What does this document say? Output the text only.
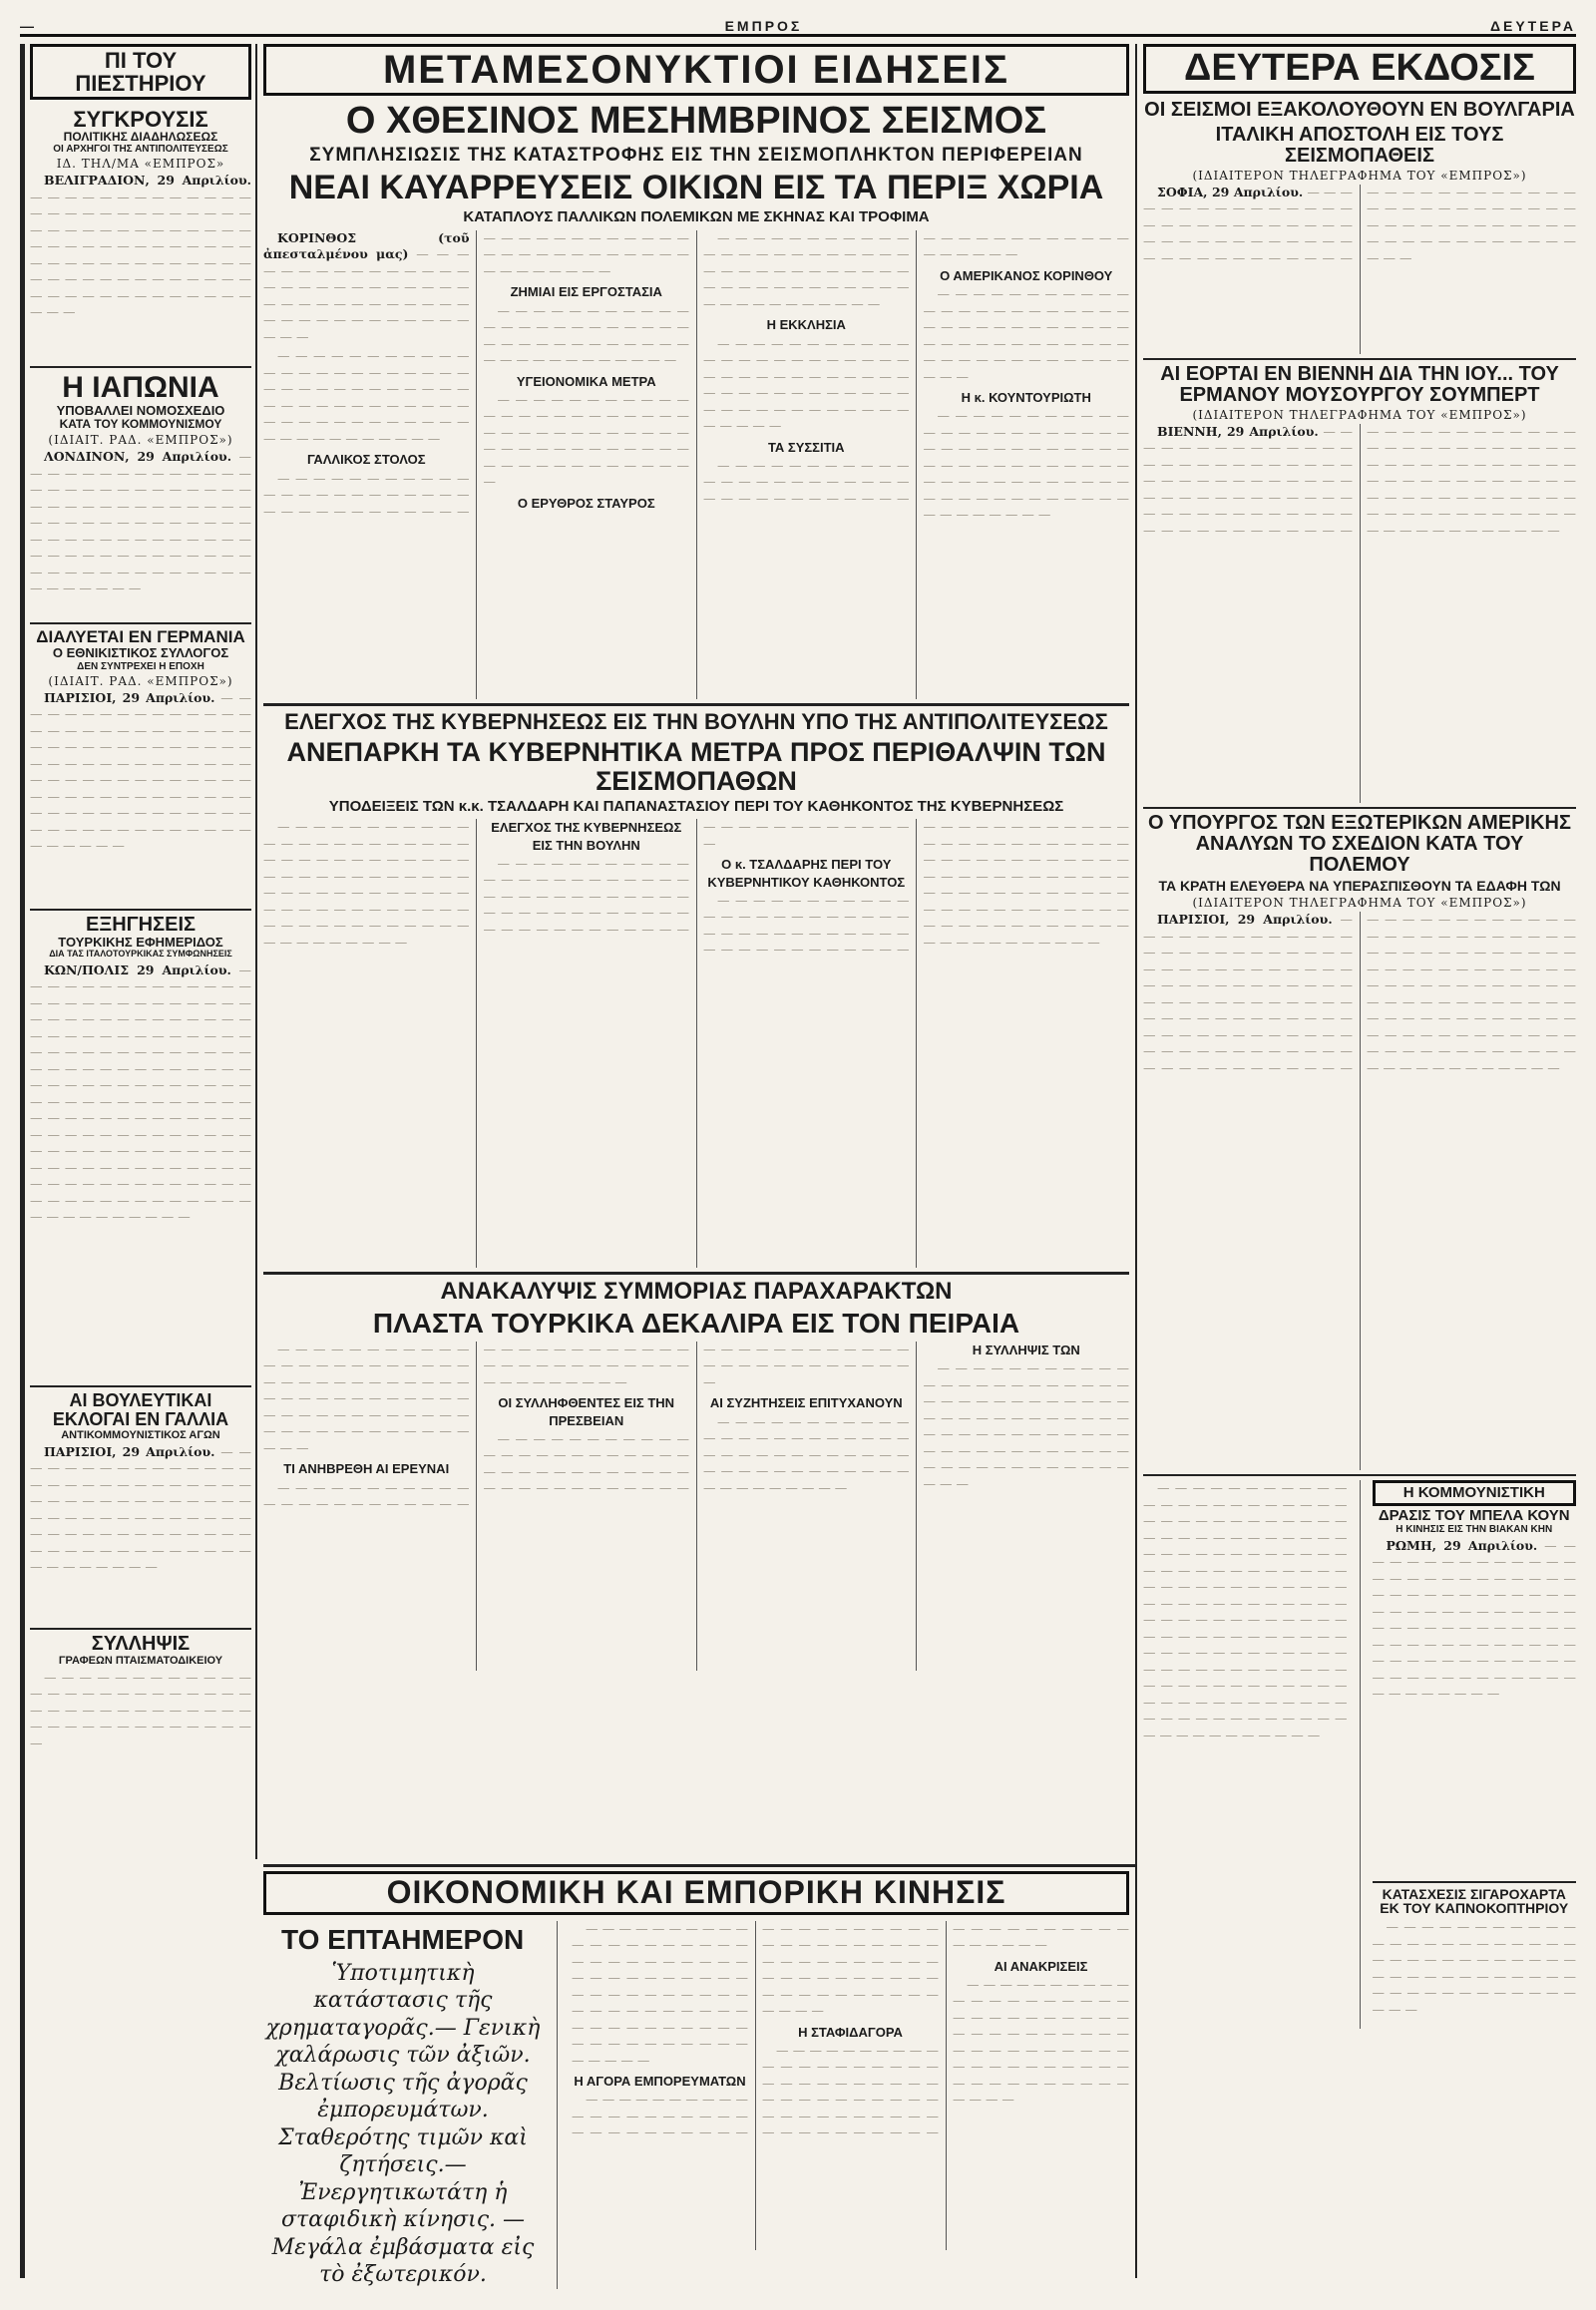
—	ΕΜΠΡΟΣ	ΔΕΥΤΕΡΑ
ΠΙ ΤΟΥ ΠΙΕΣΤΗΡΙΟΥ
ΣΥΓΚΡΟΥΣΙΣ
ΠΟΛΙΤΙΚΗΣ ΔΙΑΔΗΛΩΣΕΩΣ
ΟΙ ΑΡΧΗΓΟΙ ΤΗΣ ΑΝΤΙΠΟΛΙΤΕΥΣΕΩΣ
ΙΔ. ΤΗΛ/ΜΑ «ΕΜΠΡΟΣ»

ΒΕΛΙΓΡΑΔΙΟΝ, 29 Απριλίου. — — — — — — — — — — — — — — — — — — — — — — — — — — — — — — — — — — — — — — — — — — — — — — — — — — — — — — — — — — — — — — — — — — — — — — — — — — — — — — — — — — — — — — — — — — — — — —

Η ΙΑΠΩΝΙΑ
ΥΠΟΒΑΛΛΕΙ ΝΟΜΟΣΧΕΔΙΟ
ΚΑΤΑ ΤΟΥ ΚΟΜΜΟΥΝΙΣΜΟΥ
(ΙΔΙΑΙΤ. ΡΑΔ. «ΕΜΠΡΟΣ»)

ΛΟΝΔΙΝΟΝ, 29 Απριλίου. — — — — — — — — — — — — — — — — — — — — — — — — — — — — — — — — — — — — — — — — — — — — — — — — — — — — — — — — — — — — — — — — — — — — — — — — — — — — — — — — — — — — — — — — — — — — — — — — — — —

ΔΙΑΛΥΕΤΑΙ ΕΝ ΓΕΡΜΑΝΙΑ
Ο ΕΘΝΙΚΙΣΤΙΚΟΣ ΣΥΛΛΟΓΟΣ
ΔΕΝ ΣΥΝΤΡΕΧΕΙ Η ΕΠΟΧΗ
(ΙΔΙΑΙΤ. ΡΑΔ. «ΕΜΠΡΟΣ»)

ΠΑΡΙΣΙΟΙ, 29 Απριλίου. — — — — — — — — — — — — — — — — — — — — — — — — — — — — — — — — — — — — — — — — — — — — — — — — — — — — — — — — — — — — — — — — — — — — — — — — — — — — — — — — — — — — — — — — — — — — — — — — — — — — — — — — — — — — — — — —

ΕΞΗΓΗΣΕΙΣ
ΤΟΥΡΚΙΚΗΣ ΕΦΗΜΕΡΙΔΟΣ
ΔΙΑ ΤΑΣ ΙΤΑΛΟΤΟΥΡΚΙΚΑΣ ΣΥΜΦΩΝΗΣΕΙΣ

ΚΩΝ/ΠΟΛΙΣ 29 Απριλίου. — — — — — — — — — — — — — — — — — — — — — — — — — — — — — — — — — — — — — — — — — — — — — — — — — — — — — — — — — — — — — — — — — — — — — — — — — — — — — — — — — — — — — — — — — — — — — — — — — — — — — — — — — — — — — — — — — — — — — — — — — — — — — — — — — — — — — — — — — — — — — — — — — — — — — — — — — — — — — — — — — — — — — — — — — — — — — — — — — — — — — — — — — — — — — — — — —

ΑΙ ΒΟΥΛΕΥΤΙΚΑΙ
ΕΚΛΟΓΑΙ ΕΝ ΓΑΛΛΙΑ
ΑΝΤΙΚΟΜΜΟΥΝΙΣΤΙΚΟΣ ΑΓΩΝ

ΠΑΡΙΣΙΟΙ, 29 Απριλίου. — — — — — — — — — — — — — — — — — — — — — — — — — — — — — — — — — — — — — — — — — — — — — — — — — — — — — — — — — — — — — — — — — — — — — — — — — — — — — — — — — — — — — — — —

ΣΥΛΛΗΨΙΣ
ΓΡΑΦΕΩΝ ΠΤΑΙΣΜΑΤΟΔΙΚΕΙΟΥ

— — — — — — — — — — — — — — — — — — — — — — — — — — — — — — — — — — — — — — — — — — — — — — — — — — — —

ΜΕΤΑΜΕΣΟΝΥΚΤΙΟΙ ΕΙΔΗΣΕΙΣ
Ο ΧΘΕΣΙΝΟΣ ΜΕΣΗΜΒΡΙΝΟΣ ΣΕΙΣΜΟΣ
ΣΥΜΠΛΗΣΙΩΣΙΣ ΤΗΣ ΚΑΤΑΣΤΡΟΦΗΣ ΕΙΣ ΤΗΝ ΣΕΙΣΜΟΠΛΗΚΤΟΝ ΠΕΡΙΦΕΡΕΙΑΝ
ΝΕΑΙ ΚΑΥΑΡΡΕΥΣΕΙΣ ΟΙΚΙΩΝ ΕΙΣ ΤΑ ΠΕΡΙΞ ΧΩΡΙΑ
ΚΑΤΑΠΛΟΥΣ ΠΑΛΛΙΚΩΝ ΠΟΛΕΜΙΚΩΝ ΜΕ ΣΚΗΝΑΣ ΚΑΙ ΤΡΟΦΙΜΑ

ΚΟΡΙΝΘΟΣ (τοῦ ἀπεσταλμένου μας) — — — — — — — — — — — — — — — — — — — — — — — — — — — — — — — — — — — — — — — — — — — — — — — — — — — — — —

— — — — — — — — — — — — — — — — — — — — — — — — — — — — — — — — — — — — — — — — — — — — — — — — — — — — — — — — — — — — — — — — — — — — — —

ΓΑΛΛΙΚΟΣ ΣΤΟΛΟΣ

— — — — — — — — — — — — — — — — — — — — — — — — — — — — — — — — — — — — — — — — — — — — — — — — — — — — — — — — — — — — — — — — — — —

ΖΗΜΙΑΙ ΕΙΣ ΕΡΓΟΣΤΑΣΙΑ

— — — — — — — — — — — — — — — — — — — — — — — — — — — — — — — — — — — — — — — — — — — — — — —

ΥΓΕΙΟΝΟΜΙΚΑ ΜΕΤΡΑ

— — — — — — — — — — — — — — — — — — — — — — — — — — — — — — — — — — — — — — — — — — — — — — — — — — — — — — — — — — — —

Ο ΕΡΥΘΡΟΣ ΣΤΑΥΡΟΣ

— — — — — — — — — — — — — — — — — — — — — — — — — — — — — — — — — — — — — — — — — — — — — — — — — — — — — — — — — —

Η ΕΚΚΛΗΣΙΑ

— — — — — — — — — — — — — — — — — — — — — — — — — — — — — — — — — — — — — — — — — — — — — — — — — — — — — — — — — — — — — — — —

ΤΑ ΣΥΣΣΙΤΙΑ

— — — — — — — — — — — — — — — — — — — — — — — — — — — — — — — — — — — — — — — — — — — — — — — — — — — — —

Ο ΑΜΕΡΙΚΑΝΟΣ ΚΟΡΙΝΘΟΥ

— — — — — — — — — — — — — — — — — — — — — — — — — — — — — — — — — — — — — — — — — — — — — — — — — — — — — — — — — — — — — —

Η κ. ΚΟΥΝΤΟΥΡΙΩΤΗ

— — — — — — — — — — — — — — — — — — — — — — — — — — — — — — — — — — — — — — — — — — — — — — — — — — — — — — — — — — — — — — — — — — — — — — — — — — — — — — —

ΕΛΕΓΧΟΣ ΤΗΣ ΚΥΒΕΡΝΗΣΕΩΣ ΕΙΣ ΤΗΝ ΒΟΥΛΗΝ ΥΠΟ ΤΗΣ ΑΝΤΙΠΟΛΙΤΕΥΣΕΩΣ
ΑΝΕΠΑΡΚΗ ΤΑ ΚΥΒΕΡΝΗΤΙΚΑ ΜΕΤΡΑ ΠΡΟΣ ΠΕΡΙΘΑΛΨΙΝ ΤΩΝ ΣΕΙΣΜΟΠΑΘΩΝ
ΥΠΟΔΕΙΞΕΙΣ ΤΩΝ κ.κ. ΤΣΑΛΔΑΡΗ ΚΑΙ ΠΑΠΑΝΑΣΤΑΣΙΟΥ ΠΕΡΙ ΤΟΥ ΚΑΘΗΚΟΝΤΟΣ ΤΗΣ ΚΥΒΕΡΝΗΣΕΩΣ

— — — — — — — — — — — — — — — — — — — — — — — — — — — — — — — — — — — — — — — — — — — — — — — — — — — — — — — — — — — — — — — — — — — — — — — — — — — — — — — — — — — — — — — — — — — —

ΕΛΕΓΧΟΣ ΤΗΣ ΚΥΒΕΡΝΗΣΕΩΣ ΕΙΣ ΤΗΝ ΒΟΥΛΗΝ

— — — — — — — — — — — — — — — — — — — — — — — — — — — — — — — — — — — — — — — — — — — — — — — — — — — — — — — — — — — — — — — — — — — — — — — —

Ο κ. ΤΣΑΛΔΑΡΗΣ ΠΕΡΙ ΤΟΥ ΚΥΒΕΡΝΗΤΙΚΟΥ ΚΑΘΗΚΟΝΤΟΣ

— — — — — — — — — — — — — — — — — — — — — — — — — — — — — — — — — — — — — — — — — — — — — — — — — — — — — — — — — — — — — — — — — — — — — — — — — — — — — — — — — — — — — — — — — — — — — — — — — — — — — — — — — — — — — — — — — — — — — — — — — — — — — — — — — — — — — — — — — — — — — —

ΑΝΑΚΑΛΥΨΙΣ ΣΥΜΜΟΡΙΑΣ ΠΑΡΑΧΑΡΑΚΤΩΝ
ΠΛΑΣΤΑ ΤΟΥΡΚΙΚΑ ΔΕΚΑΛΙΡΑ ΕΙΣ ΤΟΝ ΠΕΙΡΑΙΑ

— — — — — — — — — — — — — — — — — — — — — — — — — — — — — — — — — — — — — — — — — — — — — — — — — — — — — — — — — — — — — — — — — — — — — — — — — —

ΤΙ ΑΝΗΒΡΕΘΗ ΑΙ ΕΡΕΥΝΑΙ

— — — — — — — — — — — — — — — — — — — — — — — — — — — — — — — — — — — — — — — — — — — — — — — — — — — — — — — —

ΟΙ ΣΥΛΛΗΦΘΕΝΤΕΣ ΕΙΣ ΤΗΝ ΠΡΕΣΒΕΙΑΝ

— — — — — — — — — — — — — — — — — — — — — — — — — — — — — — — — — — — — — — — — — — — — — — — — — — — — — — — — — — — — — — — — — — — — — — — —

ΑΙ ΣΥΖΗΤΗΣΕΙΣ ΕΠΙΤΥΧΑΝΟΥΝ

— — — — — — — — — — — — — — — — — — — — — — — — — — — — — — — — — — — — — — — — — — — — — — — — — — — — — — — —

Η ΣΥΛΛΗΨΙΣ ΤΩΝ

— — — — — — — — — — — — — — — — — — — — — — — — — — — — — — — — — — — — — — — — — — — — — — — — — — — — — — — — — — — — — — — — — — — — — — — — — — — — — — — — — — — — — —

ΔΕΥΤΕΡΑ ΕΚΔΟΣΙΣ
ΟΙ ΣΕΙΣΜΟΙ ΕΞΑΚΟΛΟΥΘΟΥΝ ΕΝ ΒΟΥΛΓΑΡΙΑ
ΙΤΑΛΙΚΗ ΑΠΟΣΤΟΛΗ ΕΙΣ ΤΟΥΣ ΣΕΙΣΜΟΠΑΘΕΙΣ
(ΙΔΙΑΙΤΕΡΟΝ ΤΗΛΕΓΡΑΦΗΜΑ ΤΟΥ «ΕΜΠΡΟΣ»)

ΣΟΦΙΑ, 29 Απριλίου. — — — — — — — — — — — — — — — — — — — — — — — — — — — — — — — — — — — — — — — — — — — — — — — — — — — — — — — — — — — — — — — — — — — — — — — — — — — — — — — — — — — — — — — — — — — — — — — — — — — — — —

ΑΙ ΕΟΡΤΑΙ ΕΝ ΒΙΕΝΝΗ ΔΙΑ ΤΗΝ ΙΟΥ... ΤΟΥ ΕΡΜΑΝΟΥ ΜΟΥΣΟΥΡΓΟΥ ΣΟΥΜΠΕΡΤ
(ΙΔΙΑΙΤΕΡΟΝ ΤΗΛΕΓΡΑΦΗΜΑ ΤΟΥ «ΕΜΠΡΟΣ»)

ΒΙΕΝΝΗ, 29 Απριλίου. — — — — — — — — — — — — — — — — — — — — — — — — — — — — — — — — — — — — — — — — — — — — — — — — — — — — — — — — — — — — — — — — — — — — — — — — — — — — — — — — — — — — — — — — — — — — — — — — — — — — — — — — — — — — — — — — — — — — — — — — — — — — — — — — — — — — — — — — — — — — — — — — — — — — — — — — — — — — — —

Ο ΥΠΟΥΡΓΟΣ ΤΩΝ ΕΞΩΤΕΡΙΚΩΝ ΑΜΕΡΙΚΗΣ ΑΝΑΛΥΩΝ ΤΟ ΣΧΕΔΙΟΝ ΚΑΤΑ ΤΟΥ ΠΟΛΕΜΟΥ
ΤΑ ΚΡΑΤΗ ΕΛΕΥΘΕΡΑ ΝΑ ΥΠΕΡΑΣΠΙΣΘΟΥΝ ΤΑ ΕΔΑΦΗ ΤΩΝ
(ΙΔΙΑΙΤΕΡΟΝ ΤΗΛΕΓΡΑΦΗΜΑ ΤΟΥ «ΕΜΠΡΟΣ»)

ΠΑΡΙΣΙΟΙ, 29 Απριλίου. — — — — — — — — — — — — — — — — — — — — — — — — — — — — — — — — — — — — — — — — — — — — — — — — — — — — — — — — — — — — — — — — — — — — — — — — — — — — — — — — — — — — — — — — — — — — — — — — — — — — — — — — — — — — — — — — — — — — — — — — — — — — — — — — — — — — — — — — — — — — — — — — — — — — — — — — — — — — — — — — — — — — — — — — — — — — — — — — — — — — — — — — — — — — — — — — — — — — — — — — — — — — — — — — — — — — — — — — — — — — — — — — — — — — —

— — — — — — — — — — — — — — — — — — — — — — — — — — — — — — — — — — — — — — — — — — — — — — — — — — — — — — — — — — — — — — — — — — — — — — — — — — — — — — — — — — — — — — — — — — — — — — — — — — — — — — — — — — — — — — — — — — — — — — — — — — — — — — — — — — — — — — — — — — — — — — — — — — — — — — — — — — — — — — — — — — — — — — — — — — — — — — — — — — — — — — — — — — — — — —

Η ΚΟΜΜΟΥΝΙΣΤΙΚΗ
ΔΡΑΣΙΣ ΤΟΥ ΜΠΕΛΑ ΚΟΥΝ
Η ΚΙΝΗΣΙΣ ΕΙΣ ΤΗΝ ΒΙΑΚΑΝ ΚΗΝ

ΡΩΜΗ, 29 Απριλίου. — — — — — — — — — — — — — — — — — — — — — — — — — — — — — — — — — — — — — — — — — — — — — — — — — — — — — — — — — — — — — — — — — — — — — — — — — — — — — — — — — — — — — — — — — — — — — — — — — — — — — — — — — —

ΚΑΤΑΣΧΕΣΙΣ ΣΙΓΑΡΟΧΑΡΤΑ
ΕΚ ΤΟΥ ΚΑΠΝΟΚΟΠΤΗΡΙΟΥ

— — — — — — — — — — — — — — — — — — — — — — — — — — — — — — — — — — — — — — — — — — — — — — — — — — — — — — — — — — — — — —

ΟΙΚΟΝΟΜΙΚΗ ΚΑΙ ΕΜΠΟΡΙΚΗ ΚΙΝΗΣΙΣ
ΤΟ ΕΠΤΑΗΜΕΡΟΝ
Ὑποτιμητικὴ κατάστασις τῆς χρηματαγορᾶς.— Γενικὴ χαλάρωσις τῶν ἀξιῶν. Βελτίωσις τῆς ἀγορᾶς ἐμπορευμάτων. Σταθερότης τιμῶν καὶ ζητήσεις.— Ἐνεργητικωτάτη ἡ σταφιδικὴ κίνησις. — Μεγάλα ἐμβάσματα εἰς τὸ ἐξωτερικόν.

— — — — — — — — — — — — — — — — — — — — — — — — — — — — — — — — — — — — — — — — — — — — — — — — — — — — — — — — — — — — — — — — — — — — — — — — — — — — — — — — — — — — —

Η ΑΓΟΡΑ ΕΜΠΟΡΕΥΜΑΤΩΝ

— — — — — — — — — — — — — — — — — — — — — — — — — — — — — — — — — — — — — — — — — — — — — — — — — — — — — — — — — — — — — — — — — — — — — — — — — — — — — — — — — — — —

Η ΣΤΑΦΙΔΑΓΟΡΑ

— — — — — — — — — — — — — — — — — — — — — — — — — — — — — — — — — — — — — — — — — — — — — — — — — — — — — — — — — — — — — — — — — — — — — — — — — — — —

ΑΙ ΑΝΑΚΡΙΣΕΙΣ

— — — — — — — — — — — — — — — — — — — — — — — — — — — — — — — — — — — — — — — — — — — — — — — — — — — — — — — — — — — — — — — — — — — — — — — — — —
